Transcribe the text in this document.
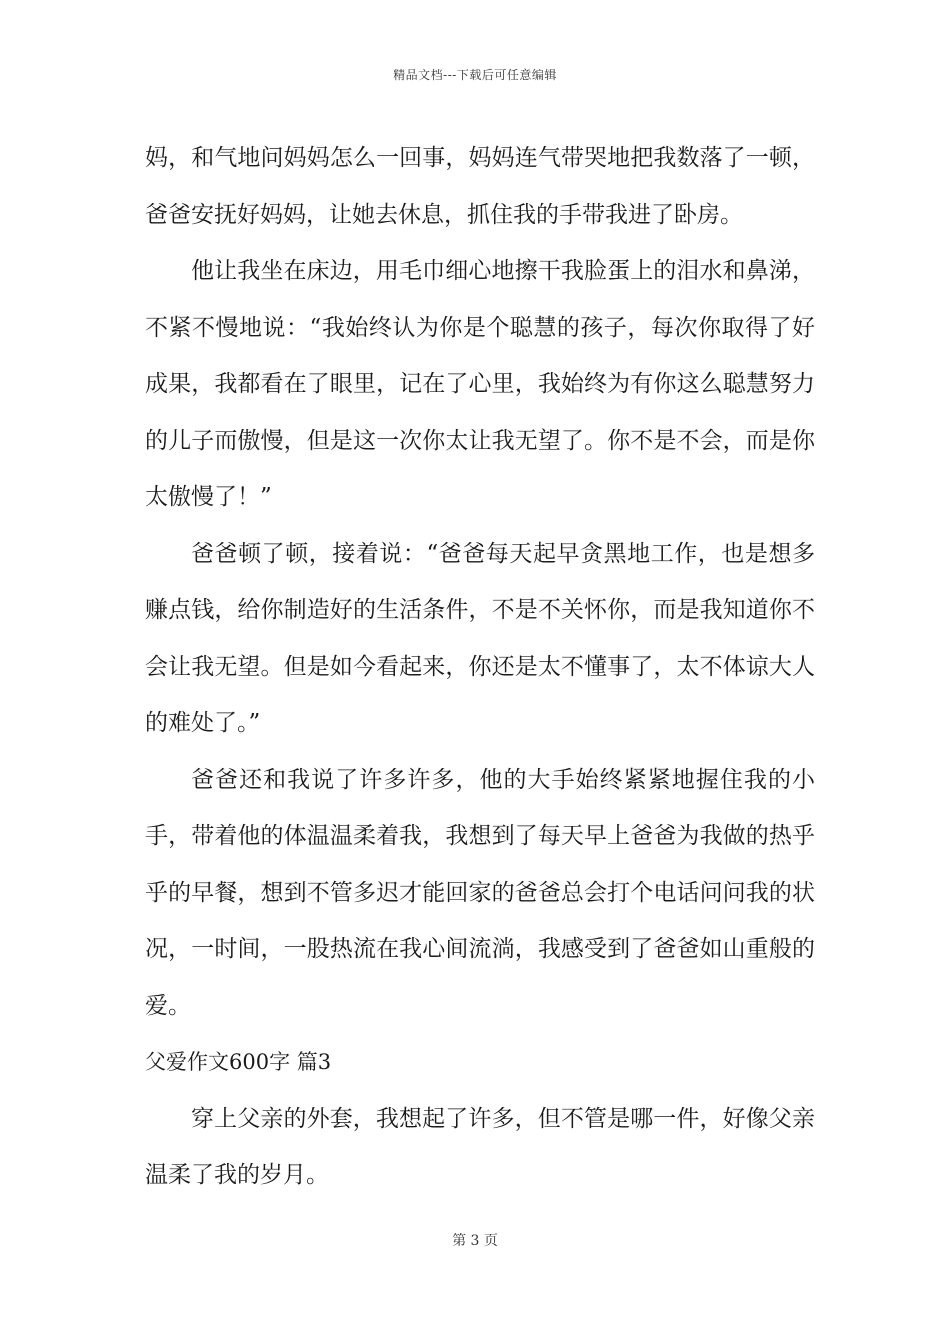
精品文档---下载后可任意编辑

妈，和气地问妈妈怎么一回事，妈妈连气带哭地把我数落了一顿，爸爸安抚好妈妈，让她去休息，抓住我的手带我进了卧房。

他让我坐在床边，用毛巾细心地擦干我脸蛋上的泪水和鼻涕，不紧不慢地说：“我始终认为你是个聪慧的孩子，每次你取得了好成果，我都看在了眼里，记在了心里，我始终为有你这么聪慧努力的儿子而傲慢，但是这一次你太让我无望了。你不是不会，而是你太傲慢了！”

爸爸顿了顿，接着说：“爸爸每天起早贪黑地工作，也是想多赚点钱，给你制造好的生活条件，不是不关怀你，而是我知道你不会让我无望。但是如今看起来，你还是太不懂事了，太不体谅大人的难处了。”

爸爸还和我说了许多许多，他的大手始终紧紧地握住我的小手，带着他的体温温柔着我，我想到了每天早上爸爸为我做的热乎乎的早餐，想到不管多迟才能回家的爸爸总会打个电话问问我的状况，一时间，一股热流在我心间流淌，我感受到了爸爸如山重般的爱。

父爱作文600字 篇3

穿上父亲的外套，我想起了许多，但不管是哪一件，好像父亲温柔了我的岁月。

第 3 页
